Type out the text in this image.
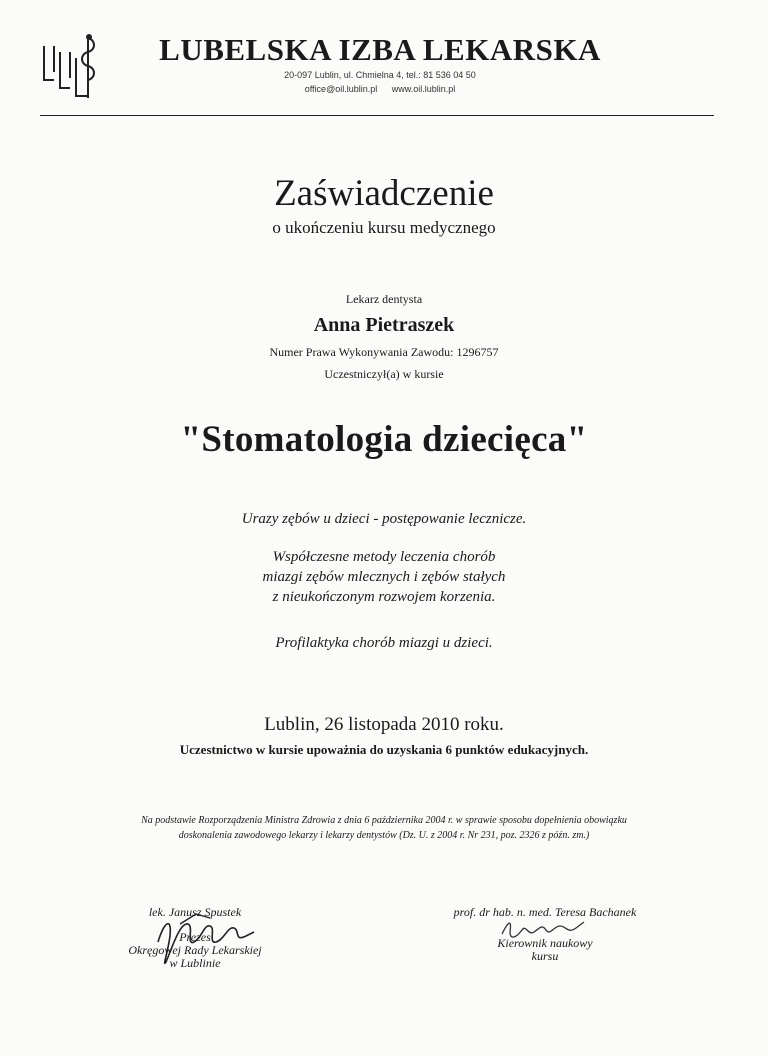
LUBELSKA IZBA LEKARSKA
20-097 Lublin, ul. Chmielna 4, tel.: 81 536 04 50
office@oil.lublin.pl www.oil.lublin.pl
Zaświadczenie
o ukończeniu kursu medycznego
Lekarz dentysta
Anna Pietraszek
Numer Prawa Wykonywania Zawodu: 1296757
Uczestniczył(a) w kursie
"Stomatologia dziecięca"
Urazy zębów u dzieci - postępowanie lecznicze.
Współczesne metody leczenia chorób
miazgi zębów mlecznych i zębów stałych
z nieukończonym rozwojem korzenia.
Profilaktyka chorób miazgi u dzieci.
Lublin, 26 listopada 2010 roku.
Uczestnictwo w kursie upoważnia do uzyskania 6 punktów edukacyjnych.
Na podstawie Rozporządzenia Ministra Zdrowia z dnia 6 października 2004 r. w sprawie sposobu dopełnienia obowiązku
doskonalenia zawodowego lekarzy i lekarzy dentystów (Dz. U. z 2004 r. Nr 231, poz. 2326 z późn. zm.)
lek. Janusz Spustek
Prezes
Okręgowej Rady Lekarskiej
w Lublinie
prof. dr hab. n. med. Teresa Bachanek
Kierownik naukowy
kursu
